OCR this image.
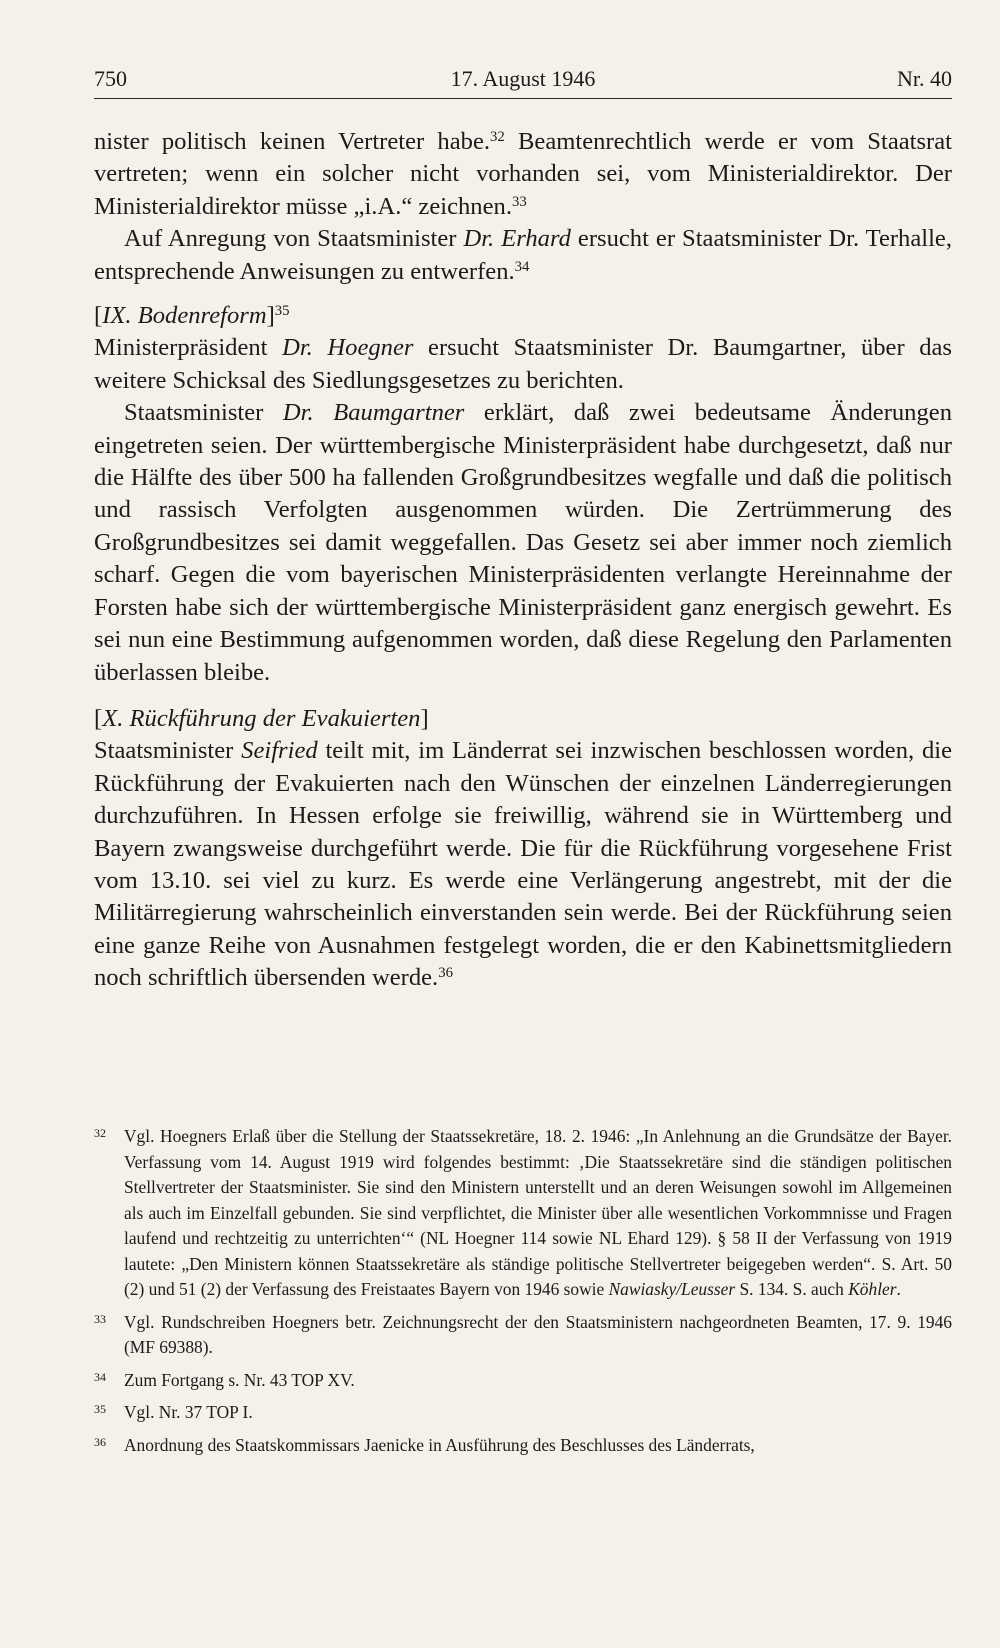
750	17. August 1946	Nr. 40

nister politisch keinen Vertreter habe.$^{32}$ Beamtenrechtlich werde er vom Staatsrat vertreten; wenn ein solcher nicht vorhanden sei, vom Ministerialdirektor. Der Ministerialdirektor müsse „i.A.“ zeichnen.$^{33}$

Auf Anregung von Staatsminister Dr. Erhard ersucht er Staatsminister Dr. Terhalle, entsprechende Anweisungen zu entwerfen.$^{34}$

[IX. Bodenreform]$^{35}$

Ministerpräsident Dr. Hoegner ersucht Staatsminister Dr. Baumgartner, über das weitere Schicksal des Siedlungsgesetzes zu berichten.

Staatsminister Dr. Baumgartner erklärt, daß zwei bedeutsame Änderungen eingetreten seien. Der württembergische Ministerpräsident habe durchgesetzt, daß nur die Hälfte des über 500 ha fallenden Großgrundbesitzes wegfalle und daß die politisch und rassisch Verfolgten ausgenommen würden. Die Zertrümmerung des Großgrundbesitzes sei damit weggefallen. Das Gesetz sei aber immer noch ziemlich scharf. Gegen die vom bayerischen Ministerpräsidenten verlangte Hereinnahme der Forsten habe sich der württembergische Ministerpräsident ganz energisch gewehrt. Es sei nun eine Bestimmung aufgenommen worden, daß diese Regelung den Parlamenten überlassen bleibe.

[X. Rückführung der Evakuierten]

Staatsminister Seifried teilt mit, im Länderrat sei inzwischen beschlossen worden, die Rückführung der Evakuierten nach den Wünschen der einzelnen Länderregierungen durchzuführen. In Hessen erfolge sie freiwillig, während sie in Württemberg und Bayern zwangsweise durchgeführt werde. Die für die Rückführung vorgesehene Frist vom 13.10. sei viel zu kurz. Es werde eine Verlängerung angestrebt, mit der die Militärregierung wahrscheinlich einverstanden sein werde. Bei der Rückführung seien eine ganze Reihe von Ausnahmen festgelegt worden, die er den Kabinettsmitgliedern noch schriftlich übersenden werde.$^{36}$

32 Vgl. Hoegners Erlaß über die Stellung der Staatssekretäre, 18. 2. 1946: „In Anlehnung an die Grundsätze der Bayer. Verfassung vom 14. August 1919 wird folgendes bestimmt: ‚Die Staatssekretäre sind die ständigen politischen Stellvertreter der Staatsminister. Sie sind den Ministern unterstellt und an deren Weisungen sowohl im Allgemeinen als auch im Einzelfall gebunden. Sie sind verpflichtet, die Minister über alle wesentlichen Vorkommnisse und Fragen laufend und rechtzeitig zu unterrichten‘“ (NL Hoegner 114 sowie NL Ehard 129). § 58 II der Verfassung von 1919 lautete: „Den Ministern können Staatssekretäre als ständige politische Stellvertreter beigegeben werden“. S. Art. 50 (2) und 51 (2) der Verfassung des Freistaates Bayern von 1946 sowie Nawiasky/Leusser S. 134. S. auch Köhler.
33 Vgl. Rundschreiben Hoegners betr. Zeichnungsrecht der den Staatsministern nachgeordneten Beamten, 17. 9. 1946 (MF 69388).
34 Zum Fortgang s. Nr. 43 TOP XV.
35 Vgl. Nr. 37 TOP I.
36 Anordnung des Staatskommissars Jaenicke in Ausführung des Beschlusses des Länderrats,
